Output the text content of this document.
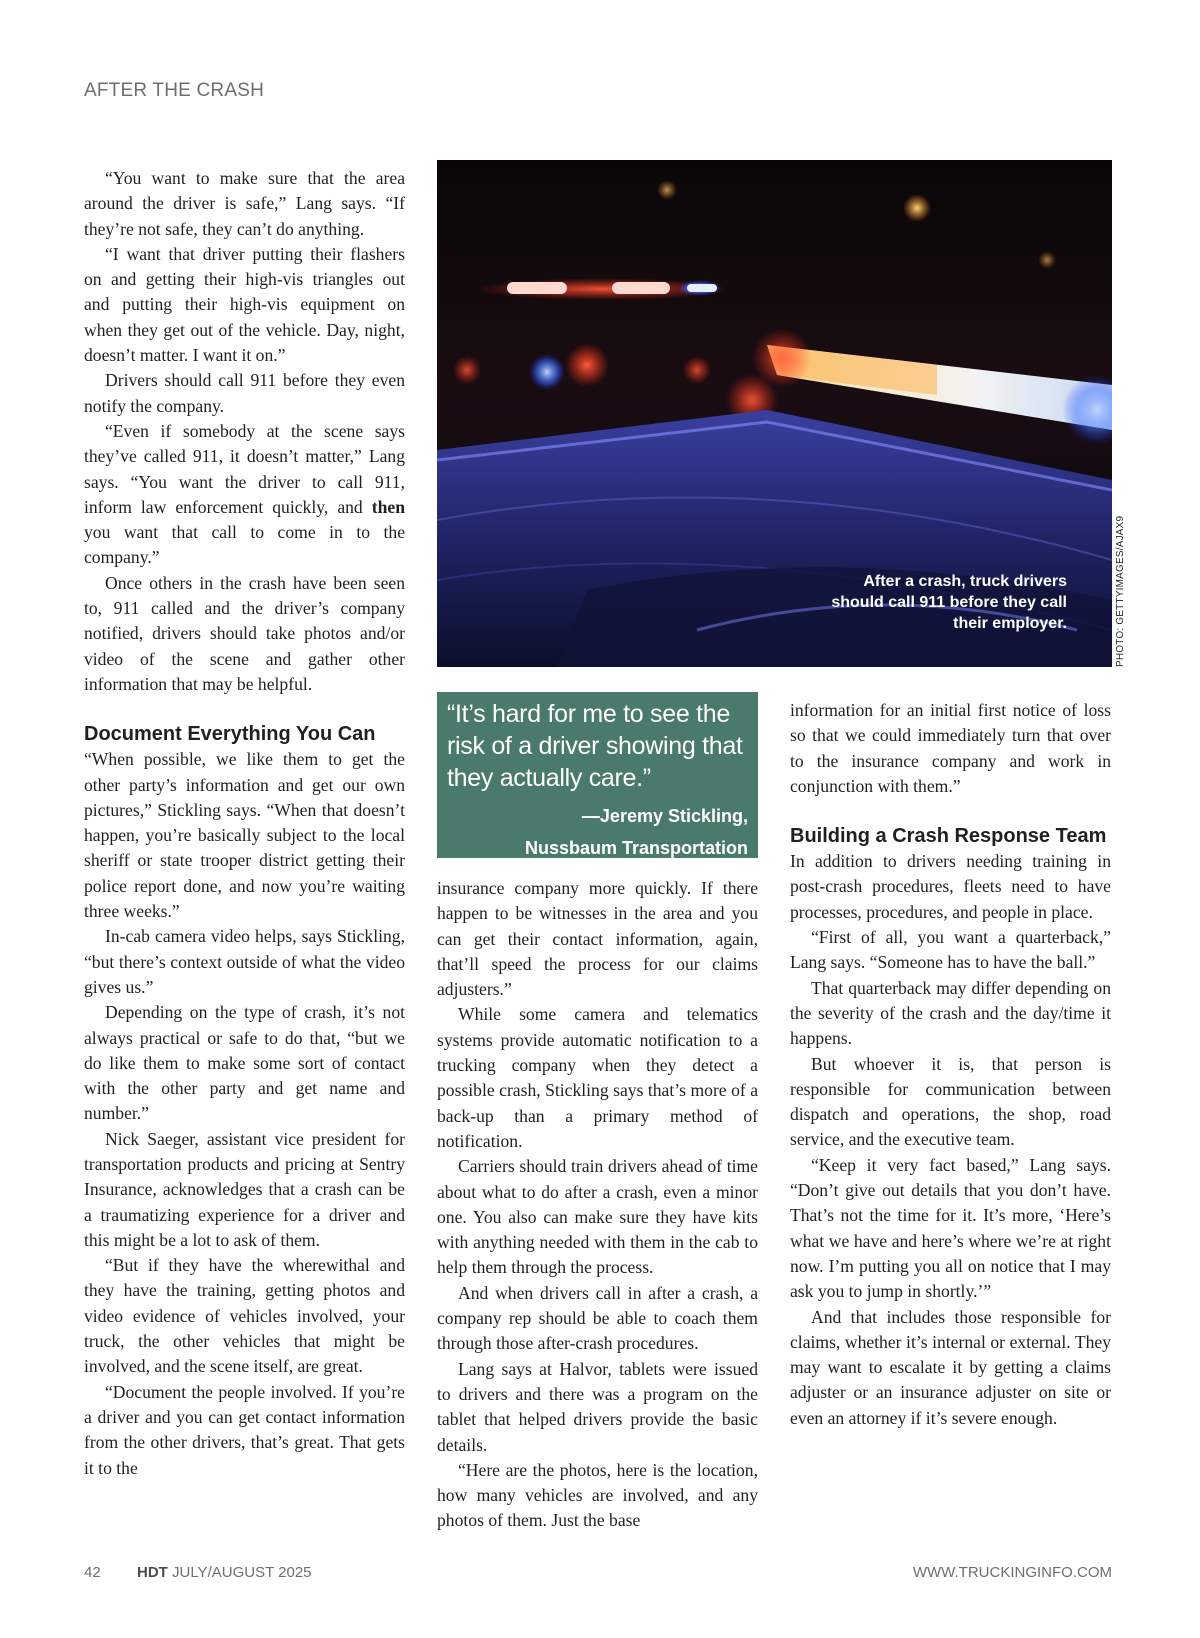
AFTER THE CRASH
After a crash, truck drivers should call 911 before they call their employer.	PHOTO: GETTYIMAGES/AJAX9
“It’s hard for me to see the risk of a driver showing that they actually care.”
—Jeremy Stickling,
Nussbaum Transportation

“You want to make sure that the area around the driver is safe,” Lang says. “If they’re not safe, they can’t do anything.

“I want that driver putting their flashers on and getting their high-vis triangles out and putting their high-vis equipment on when they get out of the vehicle. Day, night, doesn’t matter. I want it on.”

Drivers should call 911 before they even notify the company.

“Even if somebody at the scene says they’ve called 911, it doesn’t matter,” Lang says. “You want the driver to call 911, inform law enforcement quickly, and then you want that call to come in to the company.”

Once others in the crash have been seen to, 911 called and the driver’s company notified, drivers should take photos and/or video of the scene and gather other information that may be helpful.

Document Everything You Can

“When possible, we like them to get the other party’s information and get our own pictures,” Stickling says. “When that doesn’t happen, you’re basically subject to the local sheriff or state trooper district getting their police report done, and now you’re waiting three weeks.”

In-cab camera video helps, says Stickling, “but there’s context outside of what the video gives us.”

Depending on the type of crash, it’s not always practical or safe to do that, “but we do like them to make some sort of contact with the other party and get name and number.”

Nick Saeger, assistant vice president for transportation products and pricing at Sentry Insurance, acknowledges that a crash can be a traumatizing experience for a driver and this might be a lot to ask of them.

“But if they have the wherewithal and they have the training, getting photos and video evidence of vehicles involved, your truck, the other vehicles that might be involved, and the scene itself, are great.

“Document the people involved. If you’re a driver and you can get contact information from the other drivers, that’s great. That gets it to the

insurance company more quickly. If there happen to be witnesses in the area and you can get their contact information, again, that’ll speed the process for our claims adjusters.”

While some camera and telematics systems provide automatic notification to a trucking company when they detect a possible crash, Stickling says that’s more of a back-up than a primary method of notification.

Carriers should train drivers ahead of time about what to do after a crash, even a minor one. You also can make sure they have kits with anything needed with them in the cab to help them through the process.

And when drivers call in after a crash, a company rep should be able to coach them through those after-crash procedures.

Lang says at Halvor, tablets were issued to drivers and there was a program on the tablet that helped drivers provide the basic details.

“Here are the photos, here is the location, how many vehicles are involved, and any photos of them. Just the base

information for an initial first notice of loss so that we could immediately turn that over to the insurance company and work in conjunction with them.”

Building a Crash Response Team

In addition to drivers needing training in post-crash procedures, fleets need to have processes, procedures, and people in place.

“First of all, you want a quarterback,” Lang says. “Someone has to have the ball.”

That quarterback may differ depending on the severity of the crash and the day/time it happens.

But whoever it is, that person is responsible for communication between dispatch and operations, the shop, road service, and the executive team.

“Keep it very fact based,” Lang says. “Don’t give out details that you don’t have. That’s not the time for it. It’s more, ‘Here’s what we have and here’s where we’re at right now. I’m putting you all on notice that I may ask you to jump in shortly.’”

And that includes those responsible for claims, whether it’s internal or external. They may want to escalate it by getting a claims adjuster or an insurance adjuster on site or even an attorney if it’s severe enough.

42 HDT JULY/AUGUST 2025	WWW.TRUCKINGINFO.COM
